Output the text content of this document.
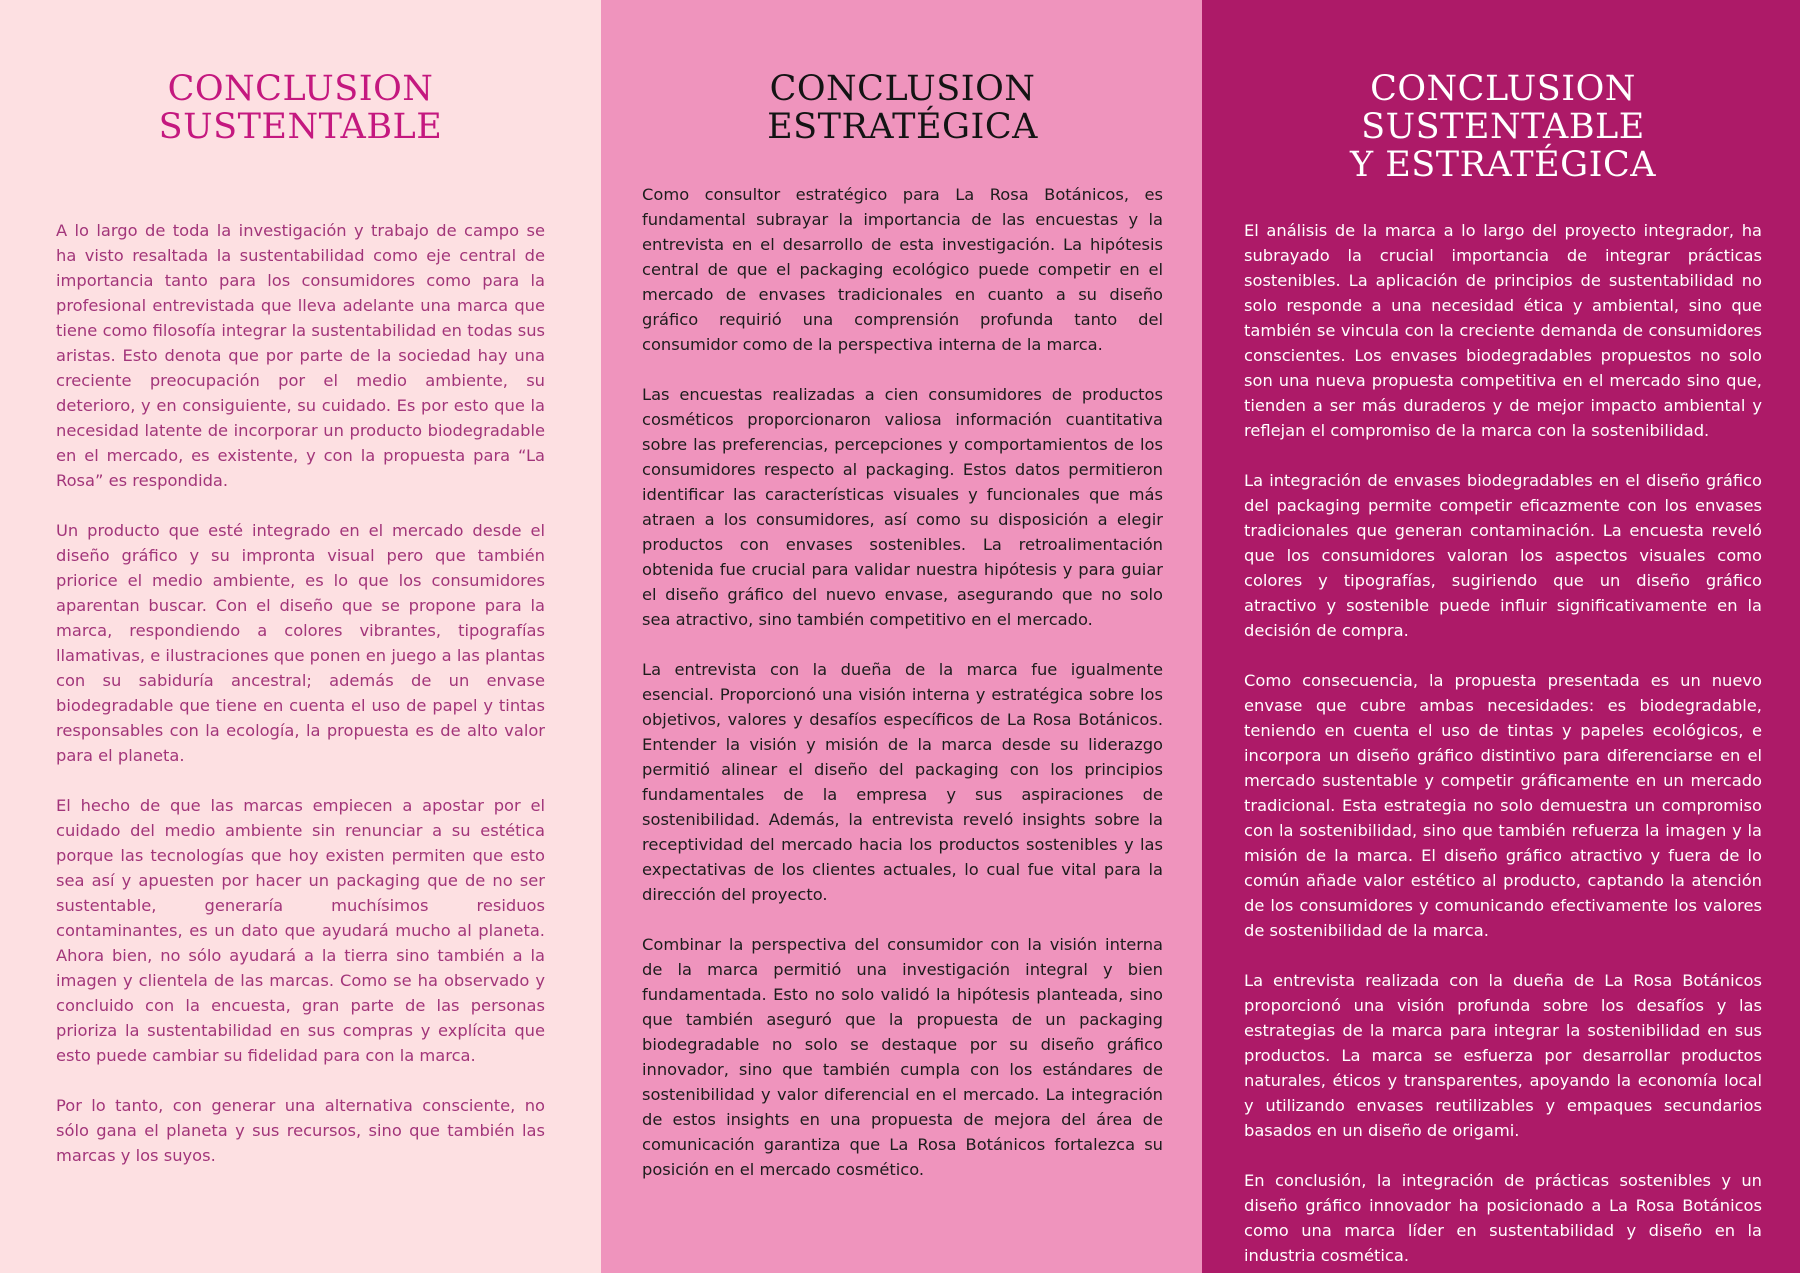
CONCLUSION
SUSTENTABLE

A lo largo de toda la investigación y trabajo de campo se ha visto resaltada la sustentabilidad como eje central de importancia tanto para los consumidores como para la profesional entrevistada que lleva adelante una marca que tiene como filosofía integrar la sustentabilidad en todas sus aristas. Esto denota que por parte de la sociedad hay una creciente preocupación por el medio ambiente, su deterioro, y en consiguiente, su cuidado. Es por esto que la necesidad latente de incorporar un producto biodegradable en el mercado, es existente, y con la propuesta para “La Rosa” es respondida.

Un producto que esté integrado en el mercado desde el diseño gráfico y su impronta visual pero que también priorice el medio ambiente, es lo que los consumidores aparentan buscar. Con el diseño que se propone para la marca, respondiendo a colores vibrantes, tipografías llamativas, e ilustraciones que ponen en juego a las plantas con su sabiduría ancestral; además de un envase biodegradable que tiene en cuenta el uso de papel y tintas responsables con la ecología, la propuesta es de alto valor para el planeta.

El hecho de que las marcas empiecen a apostar por el cuidado del medio ambiente sin renunciar a su estética porque las tecnologías que hoy existen permiten que esto sea así y apuesten por hacer un packaging que de no ser sustentable, generaría muchísimos residuos contaminantes, es un dato que ayudará mucho al planeta. Ahora bien, no sólo ayudará a la tierra sino también a la imagen y clientela de las marcas. Como se ha observado y concluido con la encuesta, gran parte de las personas prioriza la sustentabilidad en sus compras y explícita que esto puede cambiar su fidelidad para con la marca.

Por lo tanto, con generar una alternativa consciente, no sólo gana el planeta y sus recursos, sino que también las marcas y los suyos.

CONCLUSION
ESTRATÉGICA

Como consultor estratégico para La Rosa Botánicos, es fundamental subrayar la importancia de las encuestas y la entrevista en el desarrollo de esta investigación. La hipótesis central de que el packaging ecológico puede competir en el mercado de envases tradicionales en cuanto a su diseño gráfico requirió una comprensión profunda tanto del consumidor como de la perspectiva interna de la marca.

Las encuestas realizadas a cien consumidores de productos cosméticos proporcionaron valiosa información cuantitativa sobre las preferencias, percepciones y comportamientos de los consumidores respecto al packaging. Estos datos permitieron identificar las características visuales y funcionales que más atraen a los consumidores, así como su disposición a elegir productos con envases sostenibles. La retroalimentación obtenida fue crucial para validar nuestra hipótesis y para guiar el diseño gráfico del nuevo envase, asegurando que no solo sea atractivo, sino también competitivo en el mercado.

La entrevista con la dueña de la marca fue igualmente esencial. Proporcionó una visión interna y estratégica sobre los objetivos, valores y desafíos específicos de La Rosa Botánicos. Entender la visión y misión de la marca desde su liderazgo permitió alinear el diseño del packaging con los principios fundamentales de la empresa y sus aspiraciones de sostenibilidad. Además, la entrevista reveló insights sobre la receptividad del mercado hacia los productos sostenibles y las expectativas de los clientes actuales, lo cual fue vital para la dirección del proyecto.

Combinar la perspectiva del consumidor con la visión interna de la marca permitió una investigación integral y bien fundamentada. Esto no solo validó la hipótesis planteada, sino que también aseguró que la propuesta de un packaging biodegradable no solo se destaque por su diseño gráfico innovador, sino que también cumpla con los estándares de sostenibilidad y valor diferencial en el mercado. La integración de estos insights en una propuesta de mejora del área de comunicación garantiza que La Rosa Botánicos fortalezca su posición en el mercado cosmético.

CONCLUSION SUSTENTABLE
Y ESTRATÉGICA

El análisis de la marca a lo largo del proyecto integrador, ha subrayado la crucial importancia de integrar prácticas sostenibles. La aplicación de principios de sustentabilidad no solo responde a una necesidad ética y ambiental, sino que también se vincula con la creciente demanda de consumidores conscientes. Los envases biodegradables propuestos no solo son una nueva propuesta competitiva en el mercado sino que, tienden a ser más duraderos y de mejor impacto ambiental y reflejan el compromiso de la marca con la sostenibilidad.

La integración de envases biodegradables en el diseño gráfico del packaging permite competir eficazmente con los envases tradicionales que generan contaminación. La encuesta reveló que los consumidores valoran los aspectos visuales como colores y tipografías, sugiriendo que un diseño gráfico atractivo y sostenible puede influir significativamente en la decisión de compra.

Como consecuencia, la propuesta presentada es un nuevo envase que cubre ambas necesidades: es biodegradable, teniendo en cuenta el uso de tintas y papeles ecológicos, e incorpora un diseño gráfico distintivo para diferenciarse en el mercado sustentable y competir gráficamente en un mercado tradicional. Esta estrategia no solo demuestra un compromiso con la sostenibilidad, sino que también refuerza la imagen y la misión de la marca. El diseño gráfico atractivo y fuera de lo común añade valor estético al producto, captando la atención de los consumidores y comunicando efectivamente los valores de sostenibilidad de la marca.

La entrevista realizada con la dueña de La Rosa Botánicos proporcionó una visión profunda sobre los desafíos y las estrategias de la marca para integrar la sostenibilidad en sus productos. La marca se esfuerza por desarrollar productos naturales, éticos y transparentes, apoyando la economía local y utilizando envases reutilizables y empaques secundarios basados en un diseño de origami.

En conclusión, la integración de prácticas sostenibles y un diseño gráfico innovador ha posicionado a La Rosa Botánicos como una marca líder en sustentabilidad y diseño en la industria cosmética.
